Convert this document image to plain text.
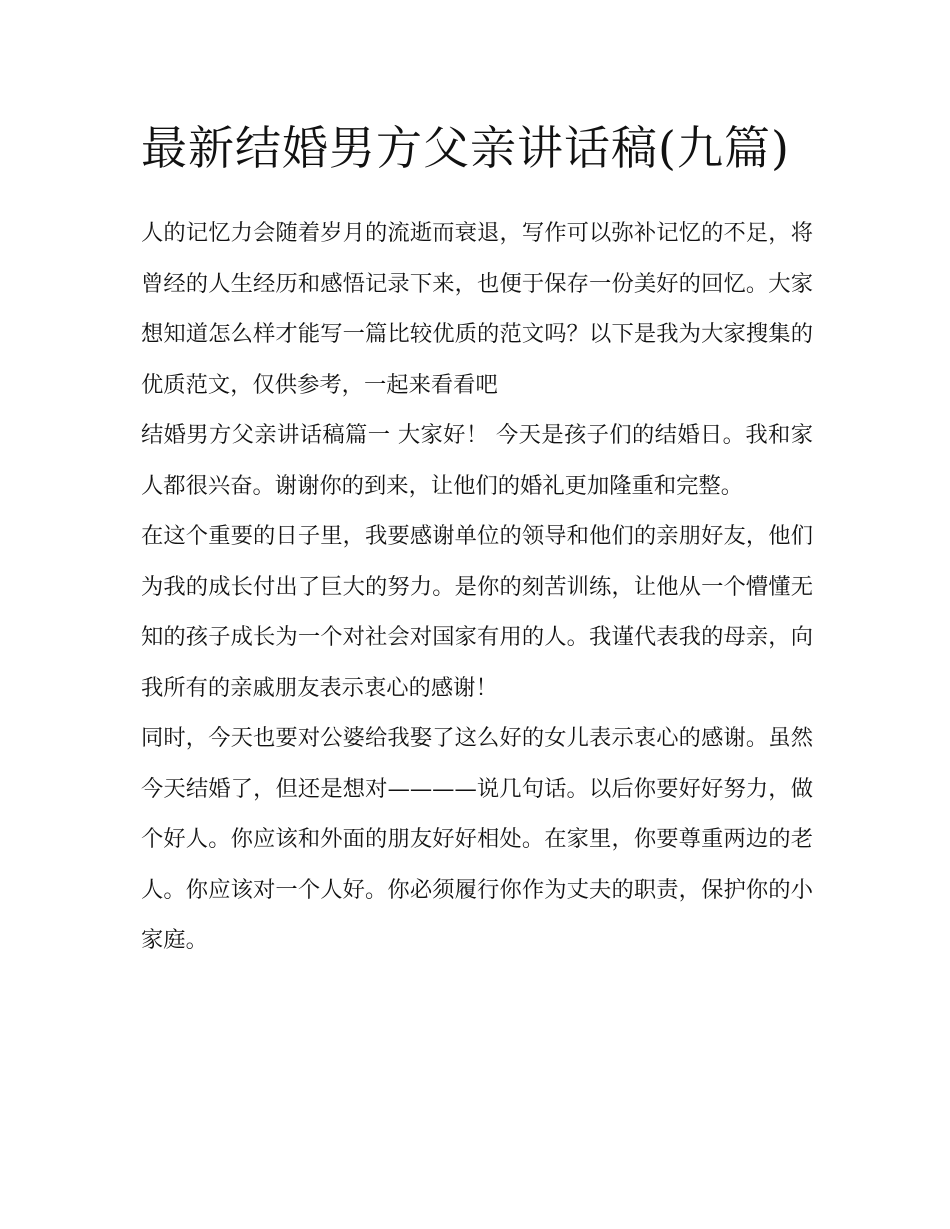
最新结婚男方父亲讲话稿(九篇)

人的记忆力会随着岁月的流逝而衰退，写作可以弥补记忆的不足，将曾经的人生经历和感悟记录下来，也便于保存一份美好的回忆。大家想知道怎么样才能写一篇比较优质的范文吗？以下是我为大家搜集的优质范文，仅供参考，一起来看看吧

结婚男方父亲讲话稿篇一 大家好！ 今天是孩子们的结婚日。我和家人都很兴奋。谢谢你的到来，让他们的婚礼更加隆重和完整。

在这个重要的日子里，我要感谢单位的领导和他们的亲朋好友，他们为我的成长付出了巨大的努力。是你的刻苦训练，让他从一个懵懂无知的孩子成长为一个对社会对国家有用的人。我谨代表我的母亲，向我所有的亲戚朋友表示衷心的感谢！

同时，今天也要对公婆给我娶了这么好的女儿表示衷心的感谢。虽然今天结婚了，但还是想对————说几句话。以后你要好好努力，做个好人。你应该和外面的朋友好好相处。在家里，你要尊重两边的老人。你应该对一个人好。你必须履行你作为丈夫的职责，保护你的小家庭。
